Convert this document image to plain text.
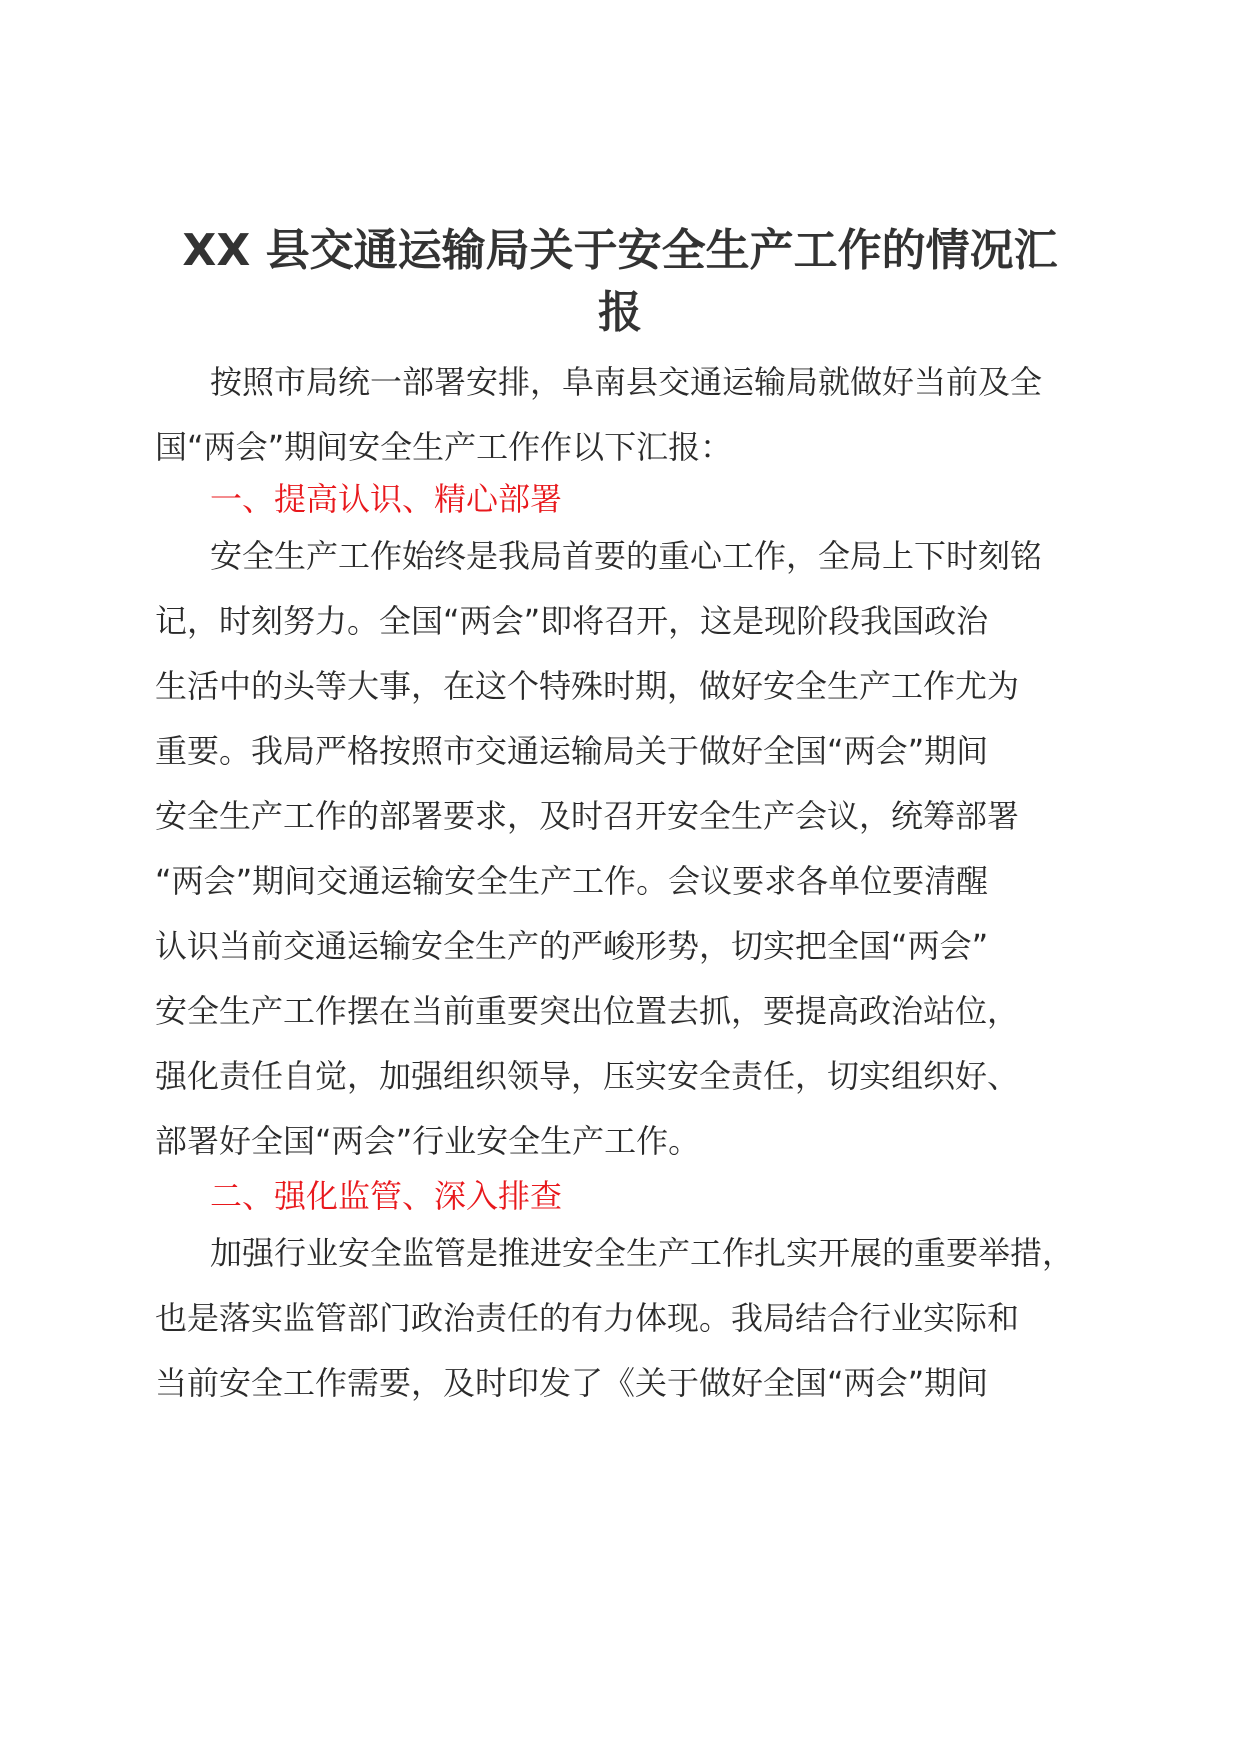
XX 县交通运输局关于安全生产工作的情况汇
报
按照市局统一部署安排，阜南县交通运输局就做好当前及全
国“两会”期间安全生产工作作以下汇报：
一、提高认识、精心部署
安全生产工作始终是我局首要的重心工作，全局上下时刻铭
记，时刻努力。全国“两会”即将召开，这是现阶段我国政治
生活中的头等大事，在这个特殊时期，做好安全生产工作尤为
重要。我局严格按照市交通运输局关于做好全国“两会”期间
安全生产工作的部署要求，及时召开安全生产会议，统筹部署
“两会”期间交通运输安全生产工作。会议要求各单位要清醒
认识当前交通运输安全生产的严峻形势，切实把全国“两会”
安全生产工作摆在当前重要突出位置去抓，要提高政治站位，
强化责任自觉，加强组织领导，压实安全责任，切实组织好、
部署好全国“两会”行业安全生产工作。
二、强化监管、深入排查
加强行业安全监管是推进安全生产工作扎实开展的重要举措，
也是落实监管部门政治责任的有力体现。我局结合行业实际和
当前安全工作需要，及时印发了《关于做好全国“两会”期间
